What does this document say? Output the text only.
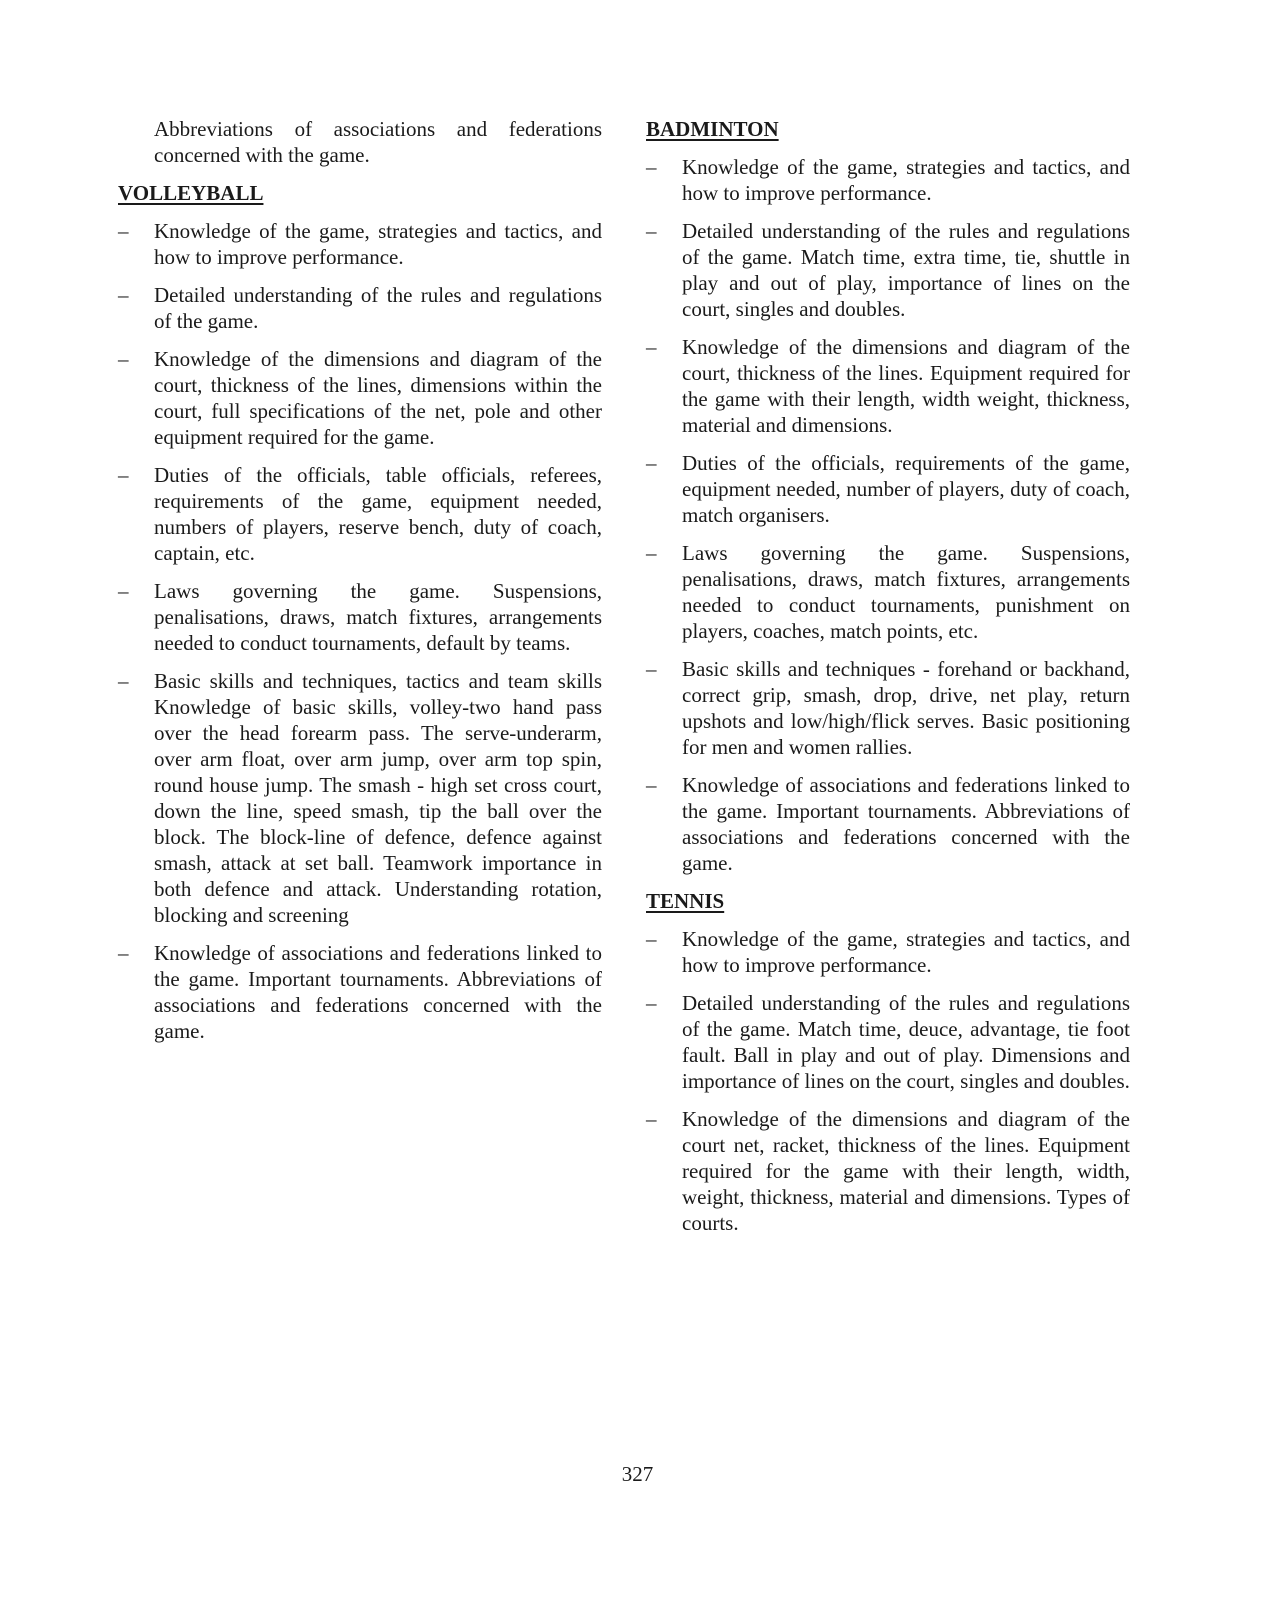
Abbreviations of associations and federations concerned with the game.

VOLLEYBALL
– Knowledge of the game, strategies and tactics, and how to improve performance.
– Detailed understanding of the rules and regulations of the game.
– Knowledge of the dimensions and diagram of the court, thickness of the lines, dimensions within the court, full specifications of the net, pole and other equipment required for the game.
– Duties of the officials, table officials, referees, requirements of the game, equipment needed, numbers of players, reserve bench, duty of coach, captain, etc.
– Laws governing the game. Suspensions, penalisations, draws, match fixtures, arrangements needed to conduct tournaments, default by teams.
– Basic skills and techniques, tactics and team skills Knowledge of basic skills, volley-two hand pass over the head forearm pass. The serve-underarm, over arm float, over arm jump, over arm top spin, round house jump. The smash - high set cross court, down the line, speed smash, tip the ball over the block. The block-line of defence, defence against smash, attack at set ball. Teamwork importance in both defence and attack. Understanding rotation, blocking and screening
– Knowledge of associations and federations linked to the game. Important tournaments. Abbreviations of associations and federations concerned with the game.
BADMINTON
– Knowledge of the game, strategies and tactics, and how to improve performance.
– Detailed understanding of the rules and regulations of the game. Match time, extra time, tie, shuttle in play and out of play, importance of lines on the court, singles and doubles.
– Knowledge of the dimensions and diagram of the court, thickness of the lines. Equipment required for the game with their length, width weight, thickness, material and dimensions.
– Duties of the officials, requirements of the game, equipment needed, number of players, duty of coach, match organisers.
– Laws governing the game. Suspensions, penalisations, draws, match fixtures, arrangements needed to conduct tournaments, punishment on players, coaches, match points, etc.
– Basic skills and techniques - forehand or backhand, correct grip, smash, drop, drive, net play, return upshots and low/high/flick serves. Basic positioning for men and women rallies.
– Knowledge of associations and federations linked to the game. Important tournaments. Abbreviations of associations and federations concerned with the game.
TENNIS
– Knowledge of the game, strategies and tactics, and how to improve performance.
– Detailed understanding of the rules and regulations of the game. Match time, deuce, advantage, tie foot fault. Ball in play and out of play. Dimensions and importance of lines on the court, singles and doubles.
– Knowledge of the dimensions and diagram of the court net, racket, thickness of the lines. Equipment required for the game with their length, width, weight, thickness, material and dimensions. Types of courts.
327
